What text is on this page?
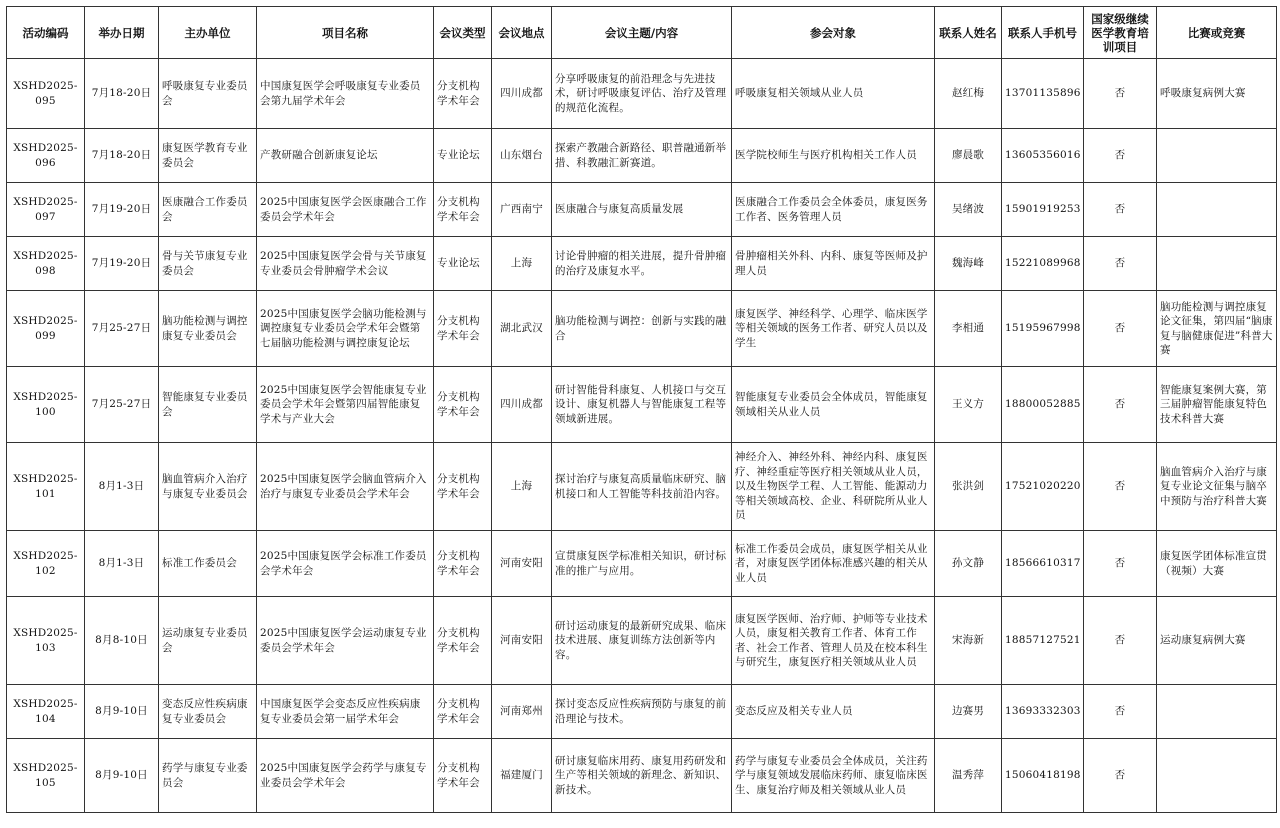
活动编码	举办日期	主办单位	项目名称	会议类型	会议地点	会议主题/内容	参会对象	联系人姓名	联系人手机号	国家级继续医学教育培训项目	比赛或竞赛
XSHD2025-095	7月18-20日	呼吸康复专业委员会	中国康复医学会呼吸康复专业委员会第九届学术年会	分支机构学术年会	四川成都	分享呼吸康复的前沿理念与先进技术，研讨呼吸康复评估、治疗及管理的规范化流程。	呼吸康复相关领域从业人员	赵红梅	13701135896	否	呼吸康复病例大赛
XSHD2025-096	7月18-20日	康复医学教育专业委员会	产教研融合创新康复论坛	专业论坛	山东烟台	探索产教融合新路径、职普融通新举措、科教融汇新赛道。	医学院校师生与医疗机构相关工作人员	廖晨歌	13605356016	否	
XSHD2025-097	7月19-20日	医康融合工作委员会	2025中国康复医学会医康融合工作委员会学术年会	分支机构学术年会	广西南宁	医康融合与康复高质量发展	医康融合工作委员会全体委员，康复医务工作者、医务管理人员	吴绪波	15901919253	否	
XSHD2025-098	7月19-20日	骨与关节康复专业委员会	2025中国康复医学会骨与关节康复专业委员会骨肿瘤学术会议	专业论坛	上海	讨论骨肿瘤的相关进展，提升骨肿瘤的治疗及康复水平。	骨肿瘤相关外科、内科、康复等医师及护理人员	魏海峰	15221089968	否	
XSHD2025-099	7月25-27日	脑功能检测与调控康复专业委员会	2025中国康复医学会脑功能检测与调控康复专业委员会学术年会暨第七届脑功能检测与调控康复论坛	分支机构学术年会	湖北武汉	脑功能检测与调控：创新与实践的融合	康复医学、神经科学、心理学、临床医学等相关领域的医务工作者、研究人员以及学生	李相通	15195967998	否	脑功能检测与调控康复论文征集，第四届“脑康复与脑健康促进”科普大赛
XSHD2025-100	7月25-27日	智能康复专业委员会	2025中国康复医学会智能康复专业委员会学术年会暨第四届智能康复学术与产业大会	分支机构学术年会	四川成都	研讨智能骨科康复、人机接口与交互设计、康复机器人与智能康复工程等领域新进展。	智能康复专业委员会全体成员，智能康复领域相关从业人员	王义方	18800052885	否	智能康复案例大赛，第三届肿瘤智能康复特色技术科普大赛
XSHD2025-101	8月1-3日	脑血管病介入治疗与康复专业委员会	2025中国康复医学会脑血管病介入治疗与康复专业委员会学术年会	分支机构学术年会	上海	探讨治疗与康复高质量临床研究、脑机接口和人工智能等科技前沿内容。	神经介入、神经外科、神经内科、康复医疗、神经重症等医疗相关领域从业人员，以及生物医学工程、人工智能、能源动力等相关领域高校、企业、科研院所从业人员	张洪剑	17521020220	否	脑血管病介入治疗与康复专业论文征集与脑卒中预防与治疗科普大赛
XSHD2025-102	8月1-3日	标准工作委员会	2025中国康复医学会标准工作委员会学术年会	分支机构学术年会	河南安阳	宣贯康复医学标准相关知识，研讨标准的推广与应用。	标准工作委员会成员，康复医学相关从业者，对康复医学团体标准感兴趣的相关从业人员	孙文静	18566610317	否	康复医学团体标准宣贯（视频）大赛
XSHD2025-103	8月8-10日	运动康复专业委员会	2025中国康复医学会运动康复专业委员会学术年会	分支机构学术年会	河南安阳	研讨运动康复的最新研究成果、临床技术进展、康复训练方法创新等内容。	康复医学医师、治疗师、护师等专业技术人员，康复相关教育工作者、体育工作者、社会工作者、管理人员及在校本科生与研究生，康复医疗相关领域从业人员	宋海新	18857127521	否	运动康复病例大赛
XSHD2025-104	8月9-10日	变态反应性疾病康复专业委员会	中国康复医学会变态反应性疾病康复专业委员会第一届学术年会	分支机构学术年会	河南郑州	探讨变态反应性疾病预防与康复的前沿理论与技术。	变态反应及相关专业人员	边赛男	13693332303	否	
XSHD2025-105	8月9-10日	药学与康复专业委员会	2025中国康复医学会药学与康复专业委员会学术年会	分支机构学术年会	福建厦门	研讨康复临床用药、康复用药研发和生产等相关领域的新理念、新知识、新技术。	药学与康复专业委员会全体成员，关注药学与康复领域发展临床药师、康复临床医生、康复治疗师及相关领域从业人员	温秀萍	15060418198	否	
